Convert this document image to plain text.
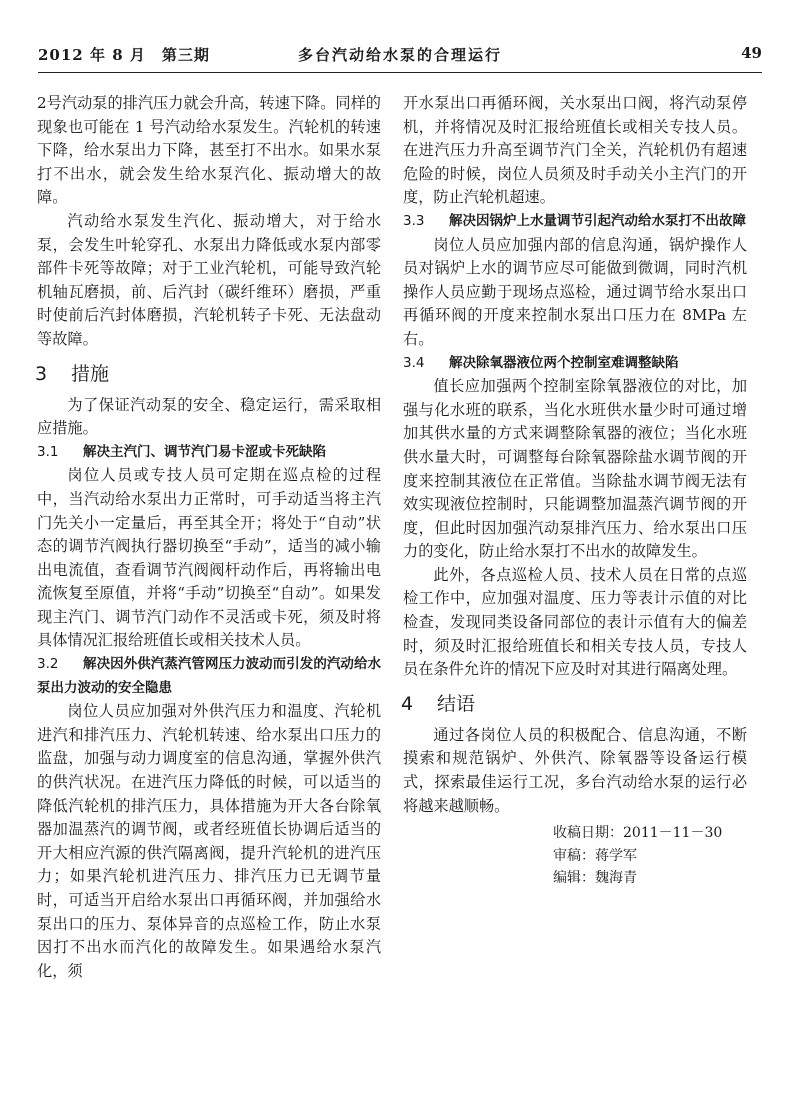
2012 年 8 月　第三期	多台汽动给水泵的合理运行	49

2号汽动泵的排汽压力就会升高，转速下降。同样的现象也可能在 1 号汽动给水泵发生。汽轮机的转速下降，给水泵出力下降，甚至打不出水。如果水泵打不出水，就会发生给水泵汽化、振动增大的故障。

汽动给水泵发生汽化、振动增大，对于给水泵，会发生叶轮穿孔、水泵出力降低或水泵内部零部件卡死等故障；对于工业汽轮机，可能导致汽轮机轴瓦磨损，前、后汽封（碳纤维环）磨损，严重时使前后汽封体磨损，汽轮机转子卡死、无法盘动等故障。

3 措施

为了保证汽动泵的安全、稳定运行，需采取相应措施。

3.1 解决主汽门、调节汽门易卡涩或卡死缺陷

岗位人员或专技人员可定期在巡点检的过程中，当汽动给水泵出力正常时，可手动适当将主汽门先关小一定量后，再至其全开；将处于“自动”状态的调节汽阀执行器切换至“手动”，适当的减小输出电流值，查看调节汽阀阀杆动作后，再将输出电流恢复至原值，并将“手动”切换至“自动”。如果发现主汽门、调节汽门动作不灵活或卡死，须及时将具体情况汇报给班值长或相关技术人员。

3.2 解决因外供汽蒸汽管网压力波动而引发的汽动给水泵出力波动的安全隐患

岗位人员应加强对外供汽压力和温度、汽轮机进汽和排汽压力、汽轮机转速、给水泵出口压力的监盘，加强与动力调度室的信息沟通，掌握外供汽的供汽状况。在进汽压力降低的时候，可以适当的降低汽轮机的排汽压力，具体措施为开大各台除氧器加温蒸汽的调节阀，或者经班值长协调后适当的开大相应汽源的供汽隔离阀，提升汽轮机的进汽压力；如果汽轮机进汽压力、排汽压力已无调节量时，可适当开启给水泵出口再循环阀，并加强给水泵出口的压力、泵体异音的点巡检工作，防止水泵因打不出水而汽化的故障发生。如果遇给水泵汽化，须

开水泵出口再循环阀，关水泵出口阀，将汽动泵停机，并将情况及时汇报给班值长或相关专技人员。在进汽压力升高至调节汽门全关，汽轮机仍有超速危险的时候，岗位人员须及时手动关小主汽门的开度，防止汽轮机超速。

3.3 解决因锅炉上水量调节引起汽动给水泵打不出故障

岗位人员应加强内部的信息沟通，锅炉操作人员对锅炉上水的调节应尽可能做到微调，同时汽机操作人员应勤于现场点巡检，通过调节给水泵出口再循环阀的开度来控制水泵出口压力在 8MPa 左右。

3.4 解决除氧器液位两个控制室难调整缺陷

值长应加强两个控制室除氧器液位的对比，加强与化水班的联系，当化水班供水量少时可通过增加其供水量的方式来调整除氧器的液位；当化水班供水量大时，可调整每台除氧器除盐水调节阀的开度来控制其液位在正常值。当除盐水调节阀无法有效实现液位控制时，只能调整加温蒸汽调节阀的开度，但此时因加强汽动泵排汽压力、给水泵出口压力的变化，防止给水泵打不出水的故障发生。

此外，各点巡检人员、技术人员在日常的点巡检工作中，应加强对温度、压力等表计示值的对比检查，发现同类设备同部位的表计示值有大的偏差时，须及时汇报给班值长和相关专技人员，专技人员在条件允许的情况下应及时对其进行隔离处理。

4 结语

通过各岗位人员的积极配合、信息沟通，不断摸索和规范锅炉、外供汽、除氧器等设备运行模式，探索最佳运行工况，多台汽动给水泵的运行必将越来越顺畅。

收稿日期：2011－11－30
审稿：蒋学军
编辑：魏海青
